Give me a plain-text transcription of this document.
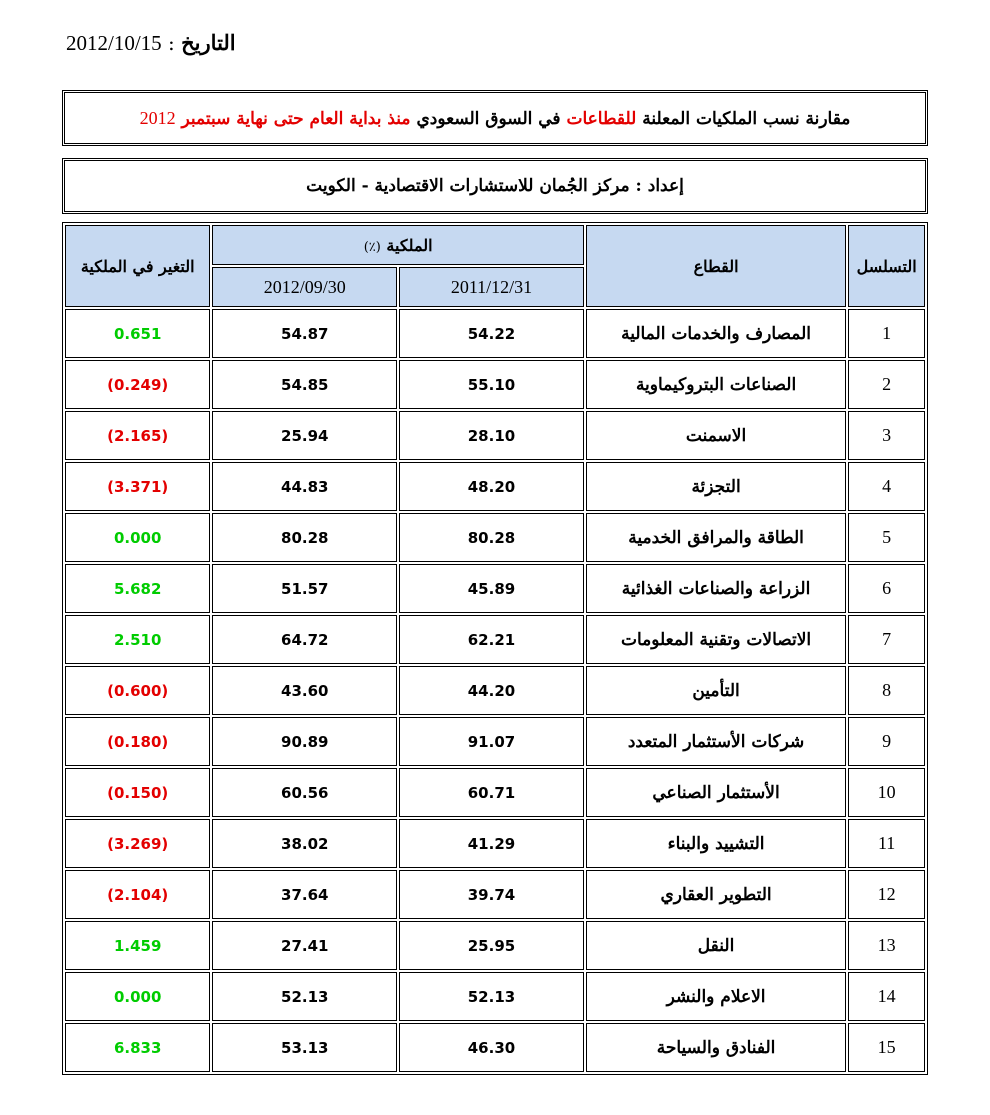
2012/10/15 : التاريخ
مقارنة نسب الملكيات المعلنة للقطاعات في السوق السعودي منذ بداية العام حتى نهاية سبتمبر 2012
إعداد : مركز الجُمان للاستشارات الاقتصادية - الكويت
التسلسل	القطاع	الملكية (٪)		التغير في الملكية
		2011/12/31	2012/09/30	
1	المصارف والخدمات المالية	54.22	54.87	0.651
2	الصناعات البتروكيماوية	55.10	54.85	(0.249)
3	الاسمنت	28.10	25.94	(2.165)
4	التجزئة	48.20	44.83	(3.371)
5	الطاقة والمرافق الخدمية	80.28	80.28	0.000
6	الزراعة والصناعات الغذائية	45.89	51.57	5.682
7	الاتصالات وتقنية المعلومات	62.21	64.72	2.510
8	التأمين	44.20	43.60	(0.600)
9	شركات الأستثمار المتعدد	91.07	90.89	(0.180)
10	الأستثمار الصناعي	60.71	60.56	(0.150)
11	التشييد والبناء	41.29	38.02	(3.269)
12	التطوير العقاري	39.74	37.64	(2.104)
13	النقل	25.95	27.41	1.459
14	الاعلام والنشر	52.13	52.13	0.000
15	الفنادق والسياحة	46.30	53.13	6.833
